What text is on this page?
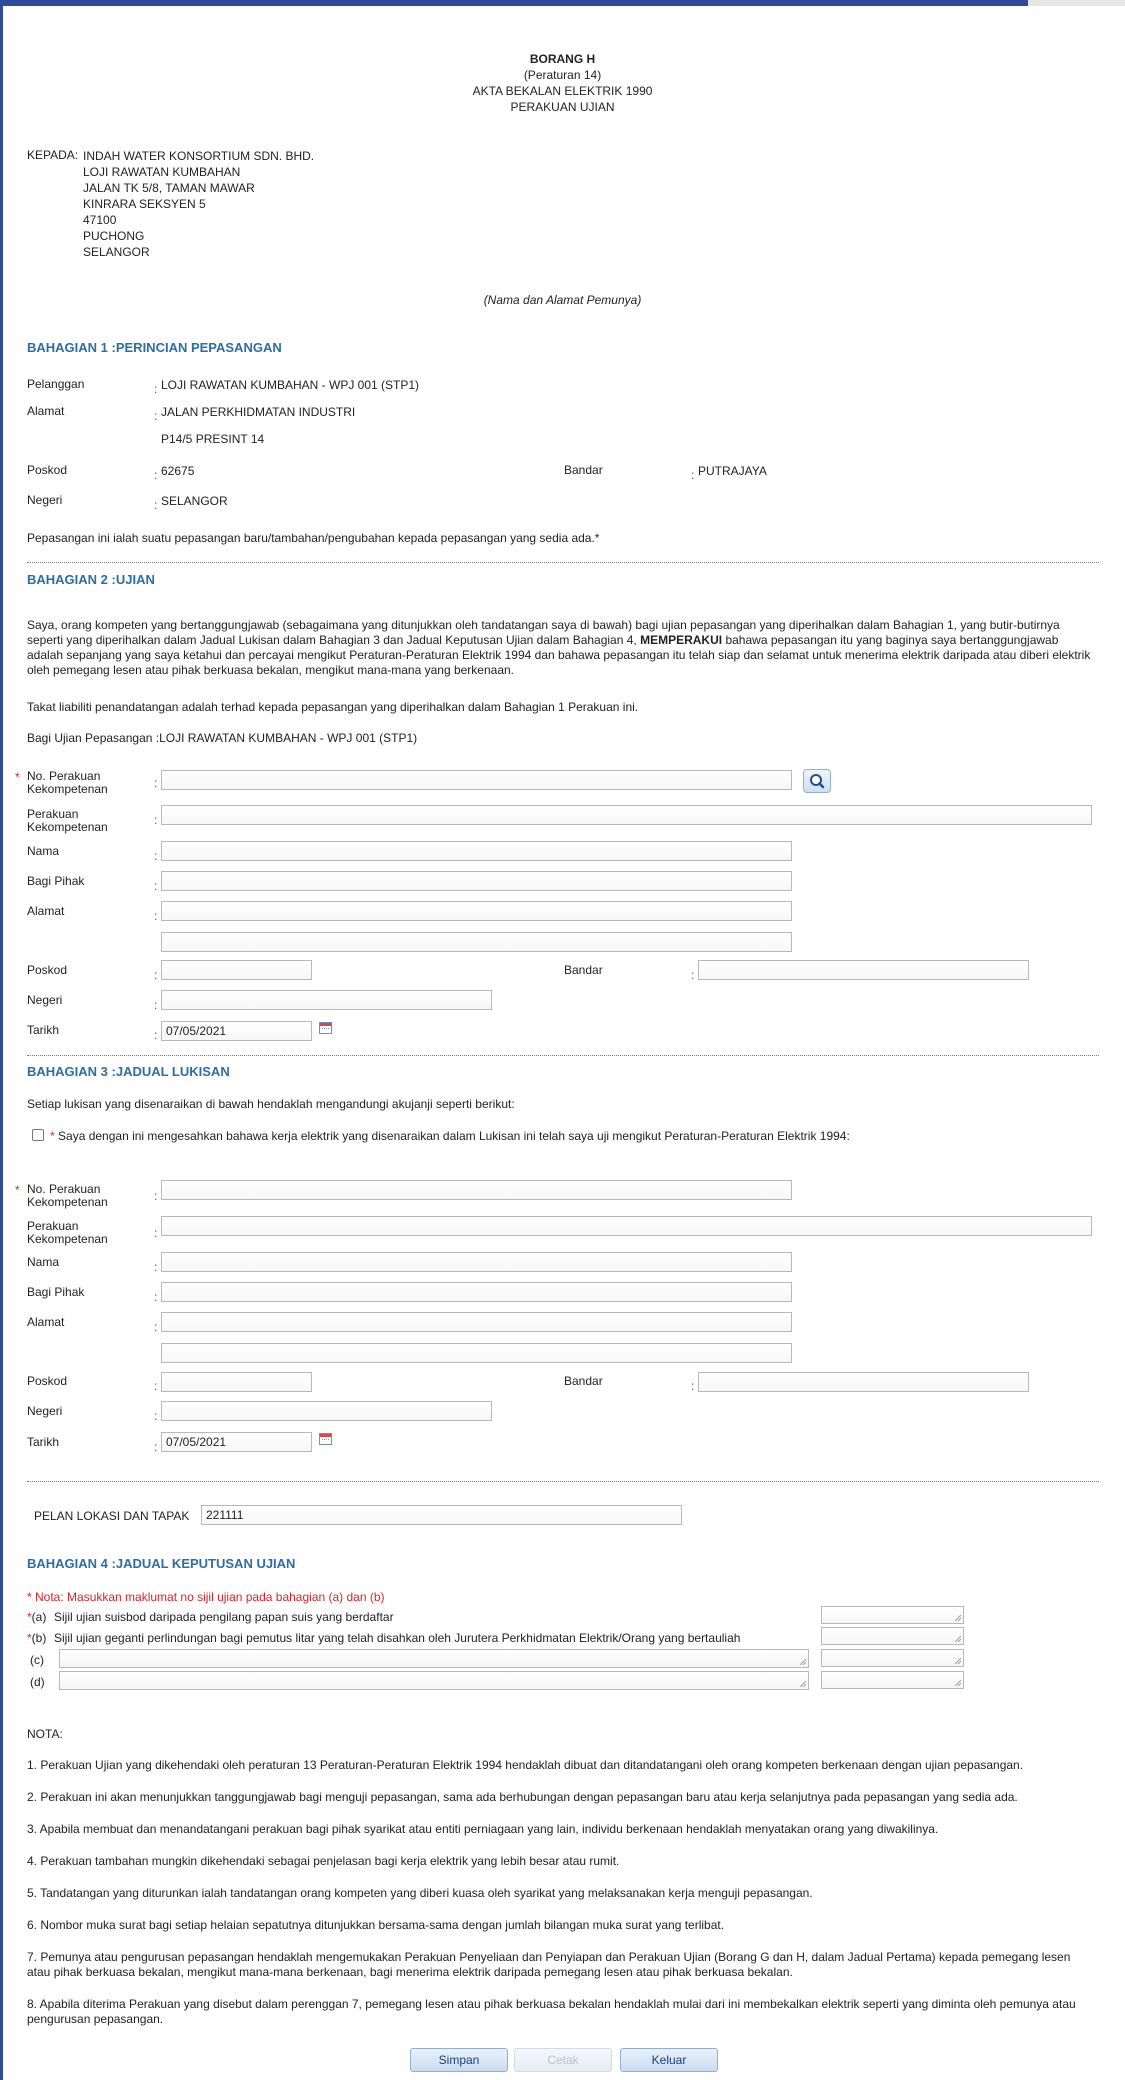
BORANG H
(Peraturan 14)
AKTA BEKALAN ELEKTRIK 1990
PERAKUAN UJIAN
KEPADA: INDAH WATER KONSORTIUM SDN. BHD.
LOJI RAWATAN KUMBAHAN
JALAN TK 5/8, TAMAN MAWAR
KINRARA SEKSYEN 5
47100
PUCHONG
SELANGOR
(Nama dan Alamat Pemunya)
BAHAGIAN 1 :PERINCIAN PEPASANGAN
Pelanggan	: LOJI RAWATAN KUMBAHAN - WPJ 001 (STP1)
Alamat	: JALAN PERKHIDMATAN INDUSTRI
P14/5 PRESINT 14
Poskod	: 62675	Bandar	: PUTRAJAYA
Negeri	: SELANGOR
Pepasangan ini ialah suatu pepasangan baru/tambahan/pengubahan kepada pepasangan yang sedia ada.*
BAHAGIAN 2 :UJIAN
Saya, orang kompeten yang bertanggungjawab (sebagaimana yang ditunjukkan oleh tandatangan saya di bawah) bagi ujian pepasangan yang diperihalkan dalam Bahagian 1, yang butir-butirnya seperti yang diperihalkan dalam Jadual Lukisan dalam Bahagian 3 dan Jadual Keputusan Ujian dalam Bahagian 4, MEMPERAKUI bahawa pepasangan itu yang baginya saya bertanggungjawab adalah sepanjang yang saya ketahui dan percayai mengikut Peraturan-Peraturan Elektrik 1994 dan bahawa pepasangan itu telah siap dan selamat untuk menerima elektrik daripada atau diberi elektrik oleh pemegang lesen atau pihak berkuasa bekalan, mengikut mana-mana yang berkenaan.
Takat liabiliti penandatangan adalah terhad kepada pepasangan yang diperihalkan dalam Bahagian 1 Perakuan ini.
Bagi Ujian Pepasangan :LOJI RAWATAN KUMBAHAN - WPJ 001 (STP1)
* No. Perakuan
Kekompetenan	:
Perakuan
Kekompetenan	:
Nama	:
Bagi Pihak	:
Alamat	:
Poskod	:	Bandar	:
Negeri	:
Tarikh	: 07/05/2021
BAHAGIAN 3 :JADUAL LUKISAN
Setiap lukisan yang disenaraikan di bawah hendaklah mengandungi akujanji seperti berikut:
* Saya dengan ini mengesahkan bahawa kerja elektrik yang disenaraikan dalam Lukisan ini telah saya uji mengikut Peraturan-Peraturan Elektrik 1994:
* No. Perakuan
Kekompetenan	:
Perakuan
Kekompetenan	:
Nama	:
Bagi Pihak	:
Alamat	:
Poskod	:	Bandar	:
Negeri	:
Tarikh	: 07/05/2021
PELAN LOKASI DAN TAPAK	221111
BAHAGIAN 4 :JADUAL KEPUTUSAN UJIAN
* Nota: Masukkan maklumat no sijil ujian pada bahagian (a) dan (b)
*(a) Sijil ujian suisbod daripada pengilang papan suis yang berdaftar
*(b) Sijil ujian geganti perlindungan bagi pemutus litar yang telah disahkan oleh Jurutera Perkhidmatan Elektrik/Orang yang bertauliah
(c)
(d)
NOTA:
1. Perakuan Ujian yang dikehendaki oleh peraturan 13 Peraturan-Peraturan Elektrik 1994 hendaklah dibuat dan ditandatangani oleh orang kompeten berkenaan dengan ujian pepasangan.
2. Perakuan ini akan menunjukkan tanggungjawab bagi menguji pepasangan, sama ada berhubungan dengan pepasangan baru atau kerja selanjutnya pada pepasangan yang sedia ada.
3. Apabila membuat dan menandatangani perakuan bagi pihak syarikat atau entiti perniagaan yang lain, individu berkenaan hendaklah menyatakan orang yang diwakilinya.
4. Perakuan tambahan mungkin dikehendaki sebagai penjelasan bagi kerja elektrik yang lebih besar atau rumit.
5. Tandatangan yang diturunkan ialah tandatangan orang kompeten yang diberi kuasa oleh syarikat yang melaksanakan kerja menguji pepasangan.
6. Nombor muka surat bagi setiap helaian sepatutnya ditunjukkan bersama-sama dengan jumlah bilangan muka surat yang terlibat.
7. Pemunya atau pengurusan pepasangan hendaklah mengemukakan Perakuan Penyeliaan dan Penyiapan dan Perakuan Ujian (Borang G dan H, dalam Jadual Pertama) kepada pemegang lesen atau pihak berkuasa bekalan, mengikut mana-mana berkenaan, bagi menerima elektrik daripada pemegang lesen atau pihak berkuasa bekalan.
8. Apabila diterima Perakuan yang disebut dalam perenggan 7, pemegang lesen atau pihak berkuasa bekalan hendaklah mulai dari ini membekalkan elektrik seperti yang diminta oleh pemunya atau pengurusan pepasangan.
Simpan	Cetak	Keluar
